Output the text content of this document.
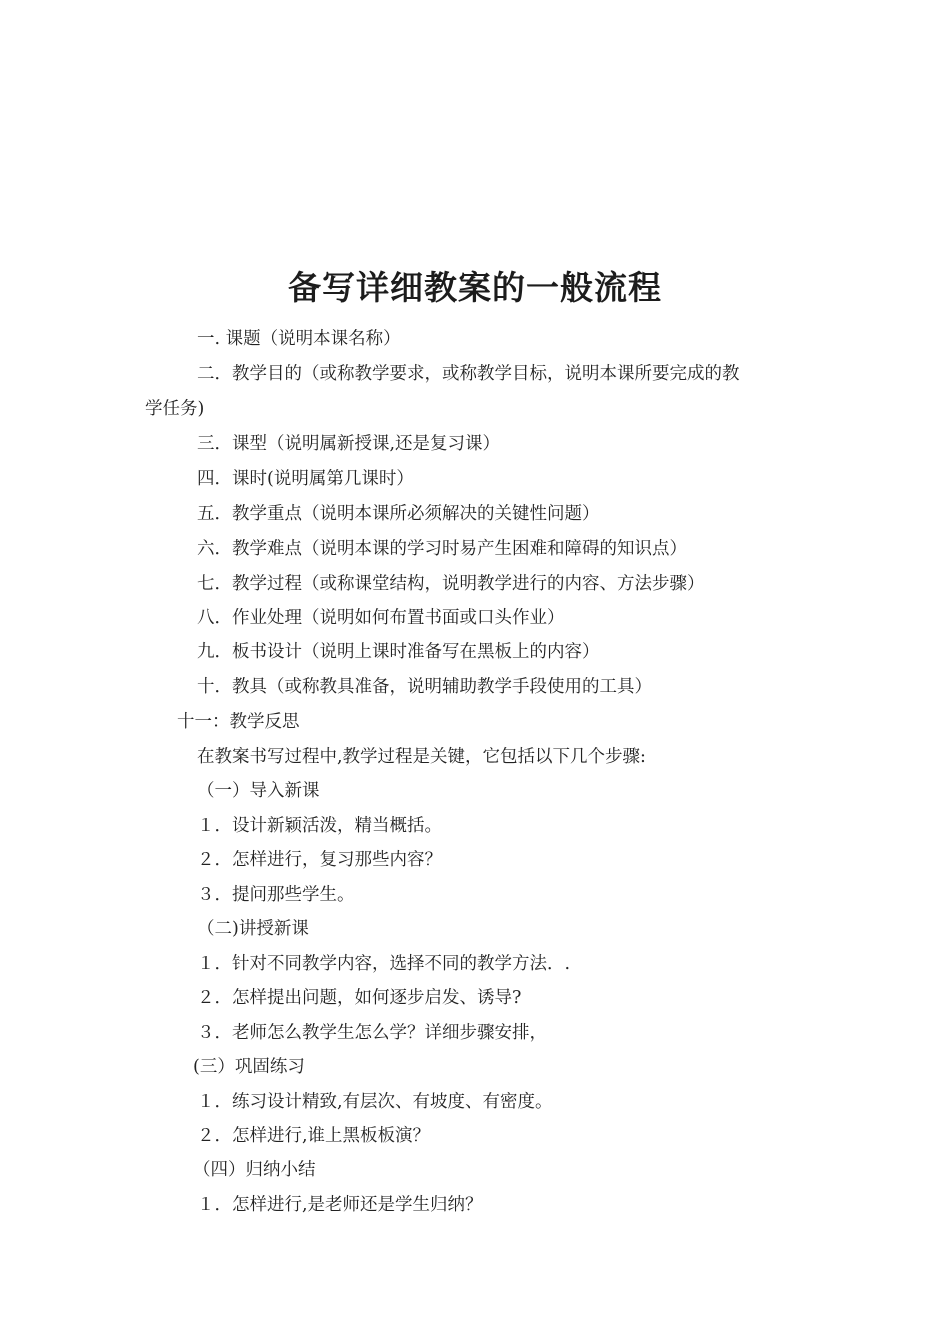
备写详细教案的一般流程
一. 课题（说明本课名称）
二．教学目的（或称教学要求，或称教学目标，说明本课所要完成的教
学任务)
三．课型（说明属新授课,还是复习课）
四．课时(说明属第几课时）
五．教学重点（说明本课所必须解决的关键性问题）
六．教学难点（说明本课的学习时易产生困难和障碍的知识点）
七．教学过程（或称课堂结构，说明教学进行的内容、方法步骤）
八．作业处理（说明如何布置书面或口头作业）
九．板书设计（说明上课时准备写在黑板上的内容）
十．教具（或称教具准备，说明辅助教学手段使用的工具）
十一：教学反思
在教案书写过程中,教学过程是关键，它包括以下几个步骤:
（一）导入新课
１．设计新颖活泼，精当概括。
２．怎样进行，复习那些内容？
３．提问那些学生。
（二)讲授新课
１．针对不同教学内容，选择不同的教学方法．.
２．怎样提出问题，如何逐步启发、诱导?
３．老师怎么教学生怎么学？详细步骤安排，
(三）巩固练习
１．练习设计精致,有层次、有坡度、有密度。
２．怎样进行,谁上黑板板演？
（四）归纳小结
１．怎样进行,是老师还是学生归纳？
